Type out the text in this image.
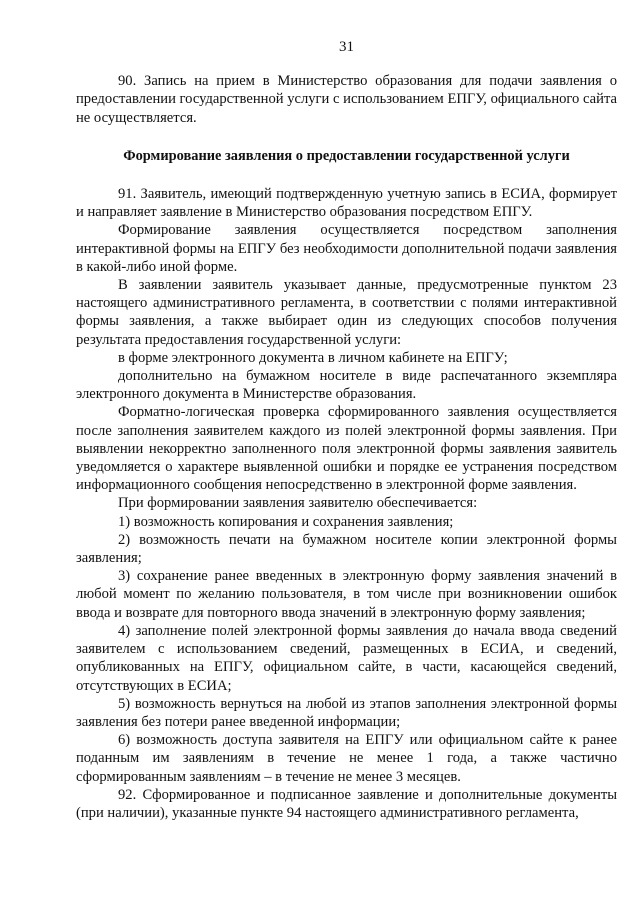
31

90. Запись на прием в Министерство образования для подачи заявления о предоставлении государственной услуги с использованием ЕПГУ, официального сайта не осуществляется.

Формирование заявления о предоставлении государственной услуги

91. Заявитель, имеющий подтвержденную учетную запись в ЕСИА, формирует и направляет заявление в Министерство образования посредством ЕПГУ.

Формирование заявления осуществляется посредством заполнения интерактивной формы на ЕПГУ без необходимости дополнительной подачи заявления в какой-либо иной форме.

В заявлении заявитель указывает данные, предусмотренные пунктом 23 настоящего административного регламента, в соответствии с полями интерактивной формы заявления, а также выбирает один из следующих способов получения результата предоставления государственной услуги:

в форме электронного документа в личном кабинете на ЕПГУ;

дополнительно на бумажном носителе в виде распечатанного экземпляра электронного документа в Министерстве образования.

Форматно-логическая проверка сформированного заявления осуществляется после заполнения заявителем каждого из полей электронной формы заявления. При выявлении некорректно заполненного поля электронной формы заявления заявитель уведомляется о характере выявленной ошибки и порядке ее устранения посредством информационного сообщения непосредственно в электронной форме заявления.

При формировании заявления заявителю обеспечивается:

1) возможность копирования и сохранения заявления;

2) возможность печати на бумажном носителе копии электронной формы заявления;

3) сохранение ранее введенных в электронную форму заявления значений в любой момент по желанию пользователя, в том числе при возникновении ошибок ввода и возврате для повторного ввода значений в электронную форму заявления;

4) заполнение полей электронной формы заявления до начала ввода сведений заявителем с использованием сведений, размещенных в ЕСИА, и сведений, опубликованных на ЕПГУ, официальном сайте, в части, касающейся сведений, отсутствующих в ЕСИА;

5) возможность вернуться на любой из этапов заполнения электронной формы заявления без потери ранее введенной информации;

6) возможность доступа заявителя на ЕПГУ или официальном сайте к ранее поданным им заявлениям в течение не менее 1 года, а также частично сформированным заявлениям – в течение не менее 3 месяцев.

92. Сформированное и подписанное заявление и дополнительные документы (при наличии), указанные пункте 94 настоящего административного регламента,
